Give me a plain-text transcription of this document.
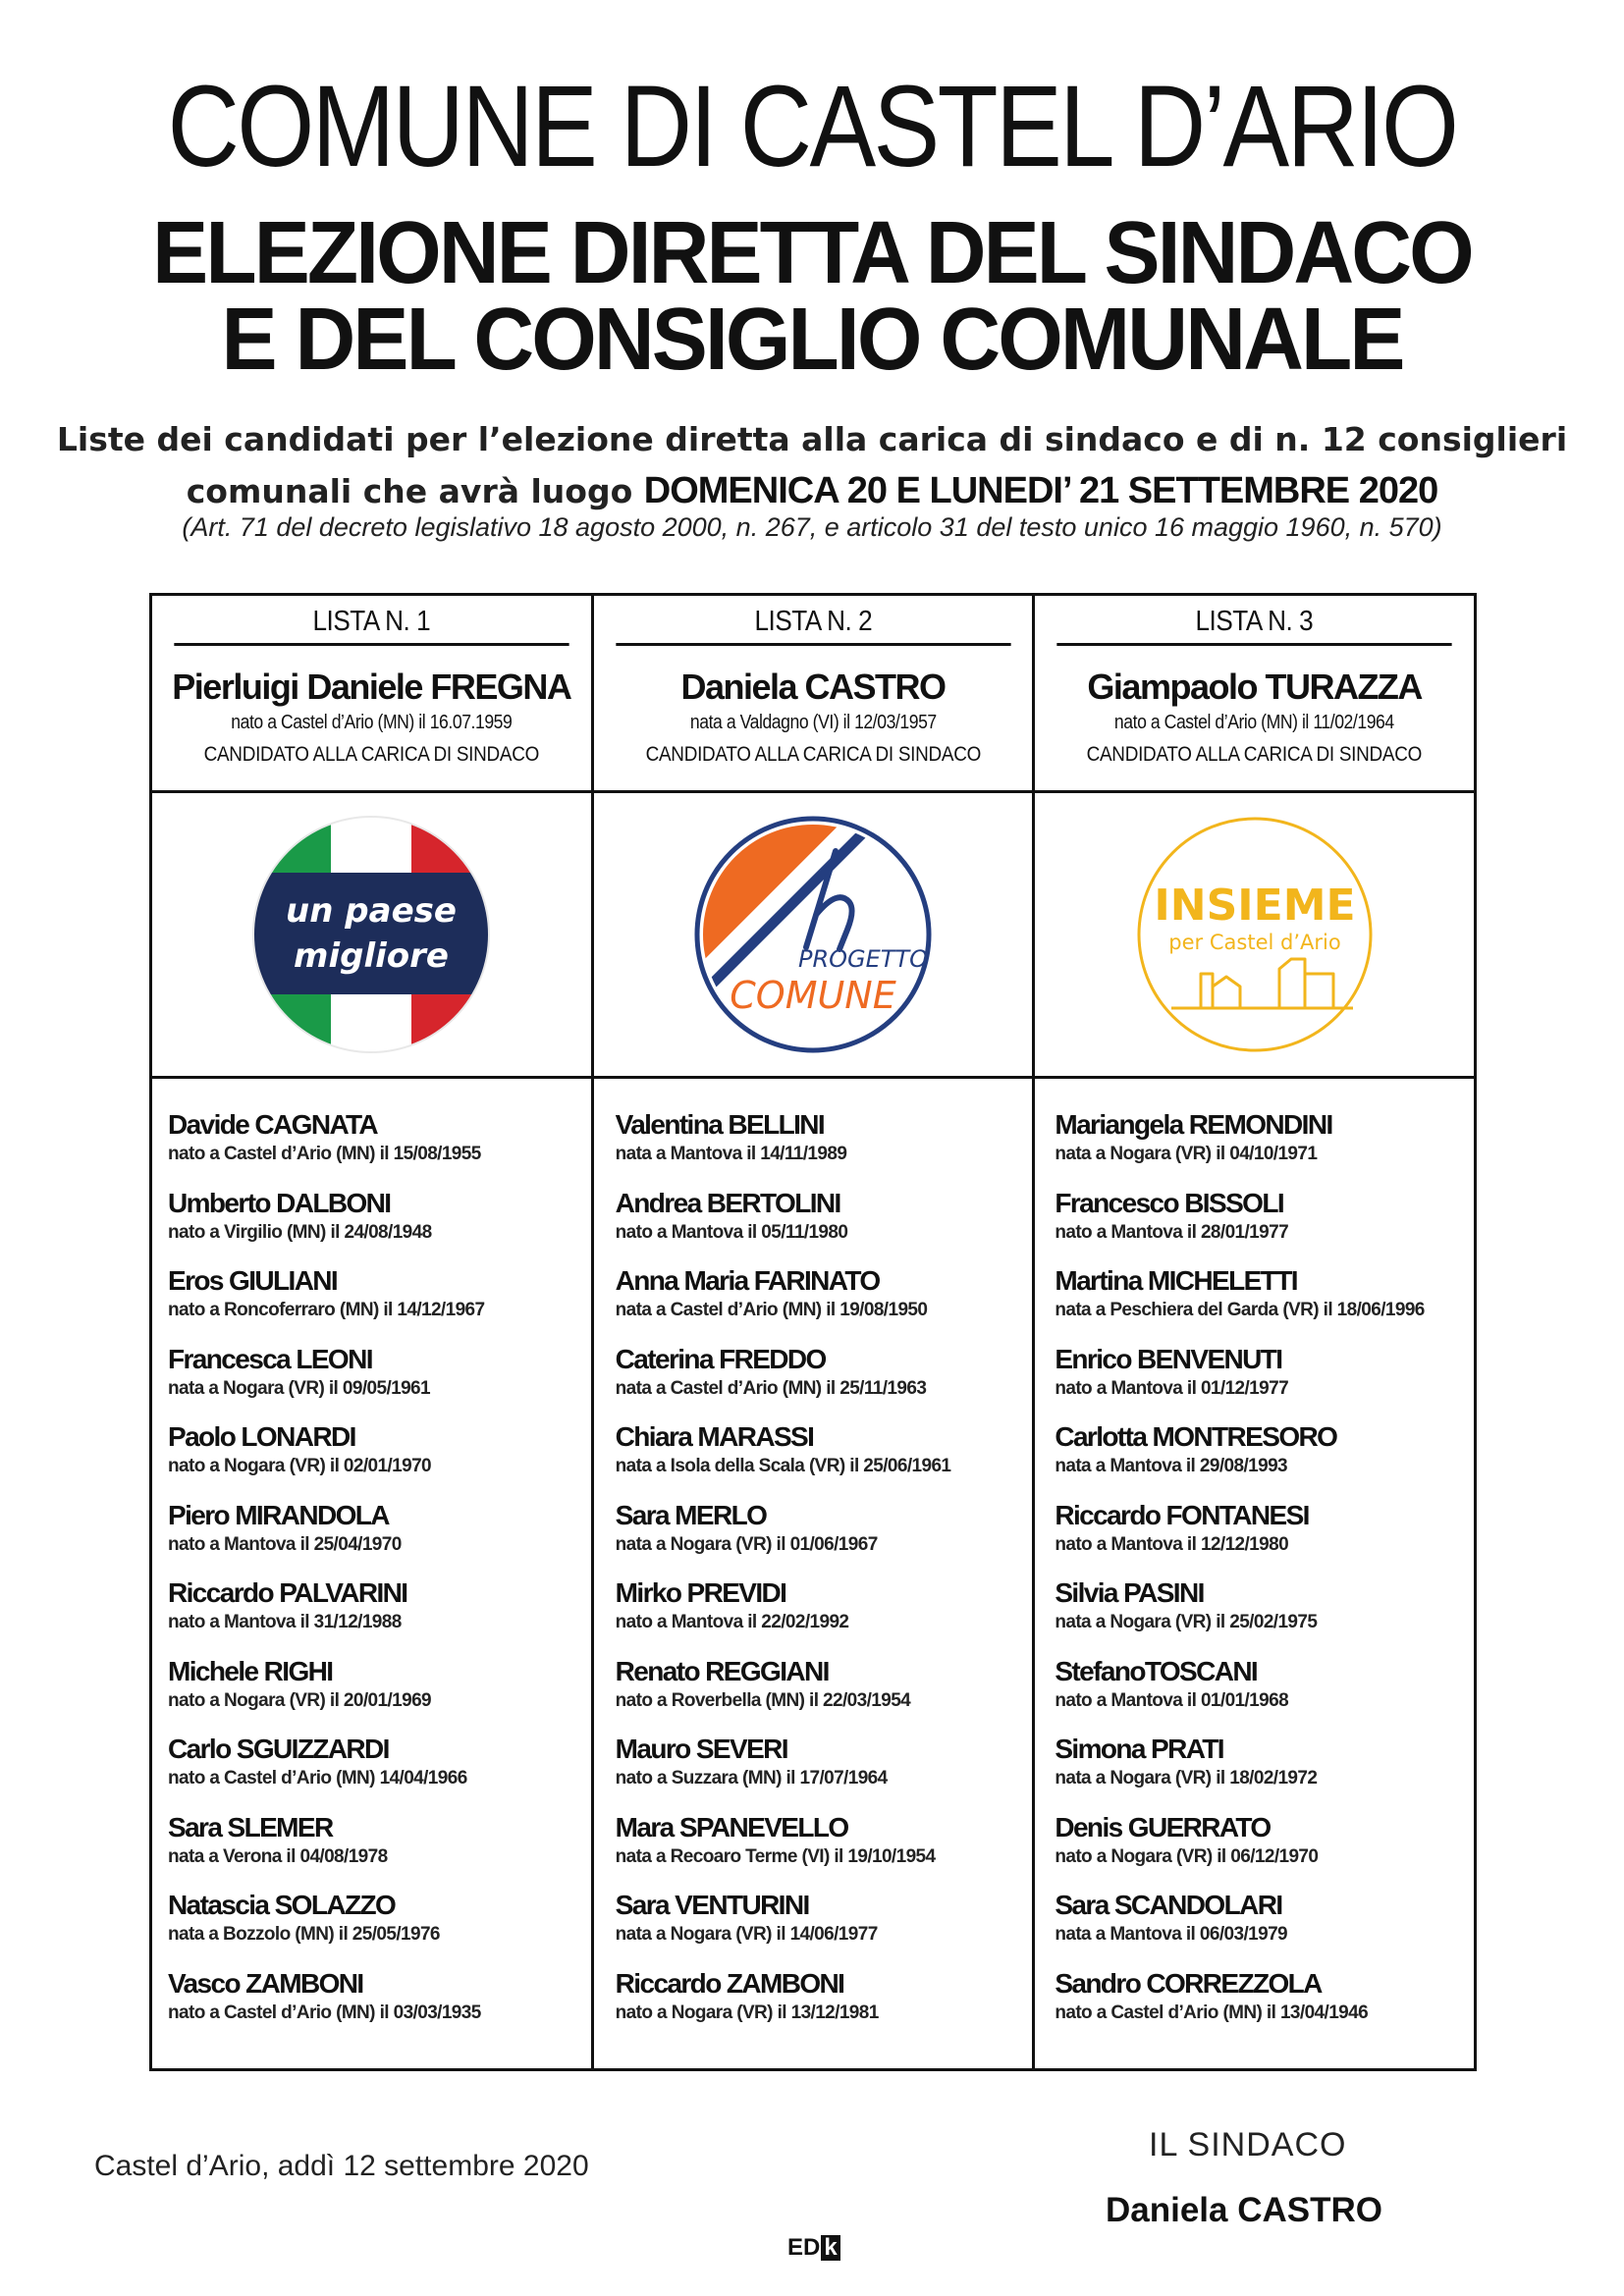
COMUNE DI CASTEL D’ARIO
ELEZIONE DIRETTA DEL SINDACO
E DEL CONSIGLIO COMUNALE
Liste dei candidati per l’elezione diretta alla carica di sindaco e di n. 12 consiglieri
comunali che avrà luogo DOMENICA 20 E LUNEDI’ 21 SETTEMBRE 2020
(Art. 71 del decreto legislativo 18 agosto 2000, n. 267, e articolo 31 del testo unico 16 maggio 1960, n. 570)
LISTA N. 1
Pierluigi Daniele FREGNA
nato a Castel d’Ario (MN) il 16.07.1959
CANDIDATO ALLA CARICA DI SINDACO
un paese
migliore
Davide CAGNATA
nato a Castel d’Ario (MN) il 15/08/1955
Umberto DALBONI
nato a Virgilio (MN) il 24/08/1948
Eros GIULIANI
nato a Roncoferraro (MN) il 14/12/1967
Francesca LEONI
nata a Nogara (VR) il 09/05/1961
Paolo LONARDI
nato a Nogara (VR) il 02/01/1970
Piero MIRANDOLA
nato a Mantova il 25/04/1970
Riccardo PALVARINI
nato a Mantova il 31/12/1988
Michele RIGHI
nato a Nogara (VR) il 20/01/1969
Carlo SGUIZZARDI
nato a Castel d’Ario (MN) 14/04/1966
Sara SLEMER
nata a Verona il 04/08/1978
Natascia SOLAZZO
nata a Bozzolo (MN) il 25/05/1976
Vasco ZAMBONI
nato a Castel d’Ario (MN) il 03/03/1935
LISTA N. 2
Daniela CASTRO
nata a Valdagno (VI) il 12/03/1957
CANDIDATO ALLA CARICA DI SINDACO
PROGETTO
COMUNE
Valentina BELLINI
nata a Mantova il 14/11/1989
Andrea BERTOLINI
nato a Mantova il 05/11/1980
Anna Maria FARINATO
nata a Castel d’Ario (MN) il 19/08/1950
Caterina FREDDO
nata a Castel d’Ario (MN) il 25/11/1963
Chiara MARASSI
nata a Isola della Scala (VR) il 25/06/1961
Sara MERLO
nata a Nogara (VR) il 01/06/1967
Mirko PREVIDI
nato a Mantova il 22/02/1992
Renato REGGIANI
nato a Roverbella (MN) il 22/03/1954
Mauro SEVERI
nato a Suzzara (MN) il 17/07/1964
Mara SPANEVELLO
nata a Recoaro Terme (VI) il 19/10/1954
Sara VENTURINI
nata a Nogara (VR) il 14/06/1977
Riccardo ZAMBONI
nato a Nogara (VR) il 13/12/1981
LISTA N. 3
Giampaolo TURAZZA
nato a Castel d’Ario (MN) il 11/02/1964
CANDIDATO ALLA CARICA DI SINDACO
INSIEME
per Castel d’Ario
Mariangela REMONDINI
nata a Nogara (VR) il 04/10/1971
Francesco BISSOLI
nato a Mantova il 28/01/1977
Martina MICHELETTI
nata a Peschiera del Garda (VR) il 18/06/1996
Enrico BENVENUTI
nato a Mantova il 01/12/1977
Carlotta MONTRESORO
nata a Mantova il 29/08/1993
Riccardo FONTANESI
nato a Mantova il 12/12/1980
Silvia PASINI
nata a Nogara (VR) il 25/02/1975
StefanoTOSCANI
nato a Mantova il 01/01/1968
Simona PRATI
nata a Nogara (VR) il 18/02/1972
Denis GUERRATO
nato a Nogara (VR) il 06/12/1970
Sara SCANDOLARI
nata a Mantova il 06/03/1979
Sandro CORREZZOLA
nato a Castel d’Ario (MN) il 13/04/1946
Castel d’Ario, addì 12 settembre 2020
IL SINDACO
Daniela CASTRO
ED k
